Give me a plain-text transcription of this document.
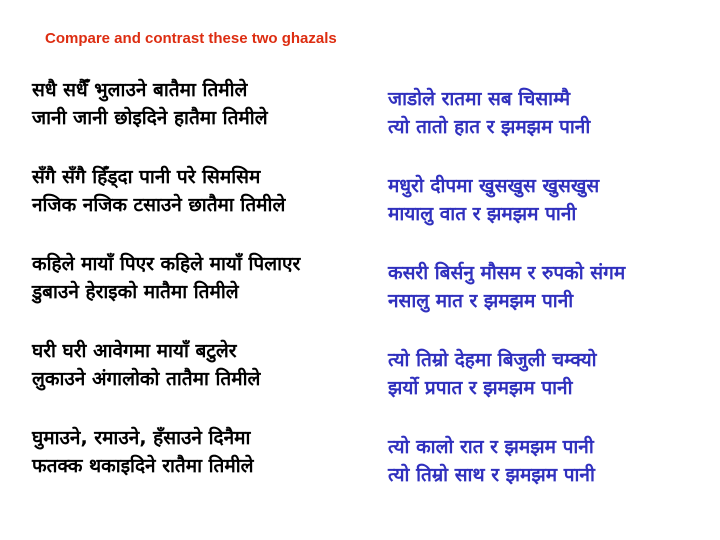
Compare and contrast these two ghazals
सधै सधैँ भुलाउने बातैमा तिमीले
जानी जानी छोइदिने हातैमा तिमीले
सँगै सँगै हिँड्दा पानी परे सिमसिम
नजिक नजिक टसाउने छातैमा तिमीले
कहिले मायाँ पिएर कहिले मायाँ पिलाएर
डुबाउने हेराइको मातैमा तिमीले
घरी घरी आवेगमा मायाँ बटुलेर
लुकाउने अंगालोको तातैमा तिमीले
घुमाउने, रमाउने, हँसाउने दिनैमा
फतक्क थकाइदिने रातैमा तिमीले
जाडोले रातमा सब चिसाम्मै
त्यो तातो हात र झमझम पानी
मधुरो दीपमा खुसखुस खुसखुस
मायालु वात र झमझम पानी
कसरी बिर्सनु मौसम र रुपको संगम
नसालु मात र झमझम पानी
त्यो तिम्रो देहमा बिजुली चम्क्यो
झर्यो प्रपात र झमझम पानी
त्यो कालो रात र झमझम पानी
त्यो तिम्रो साथ र झमझम पानी
